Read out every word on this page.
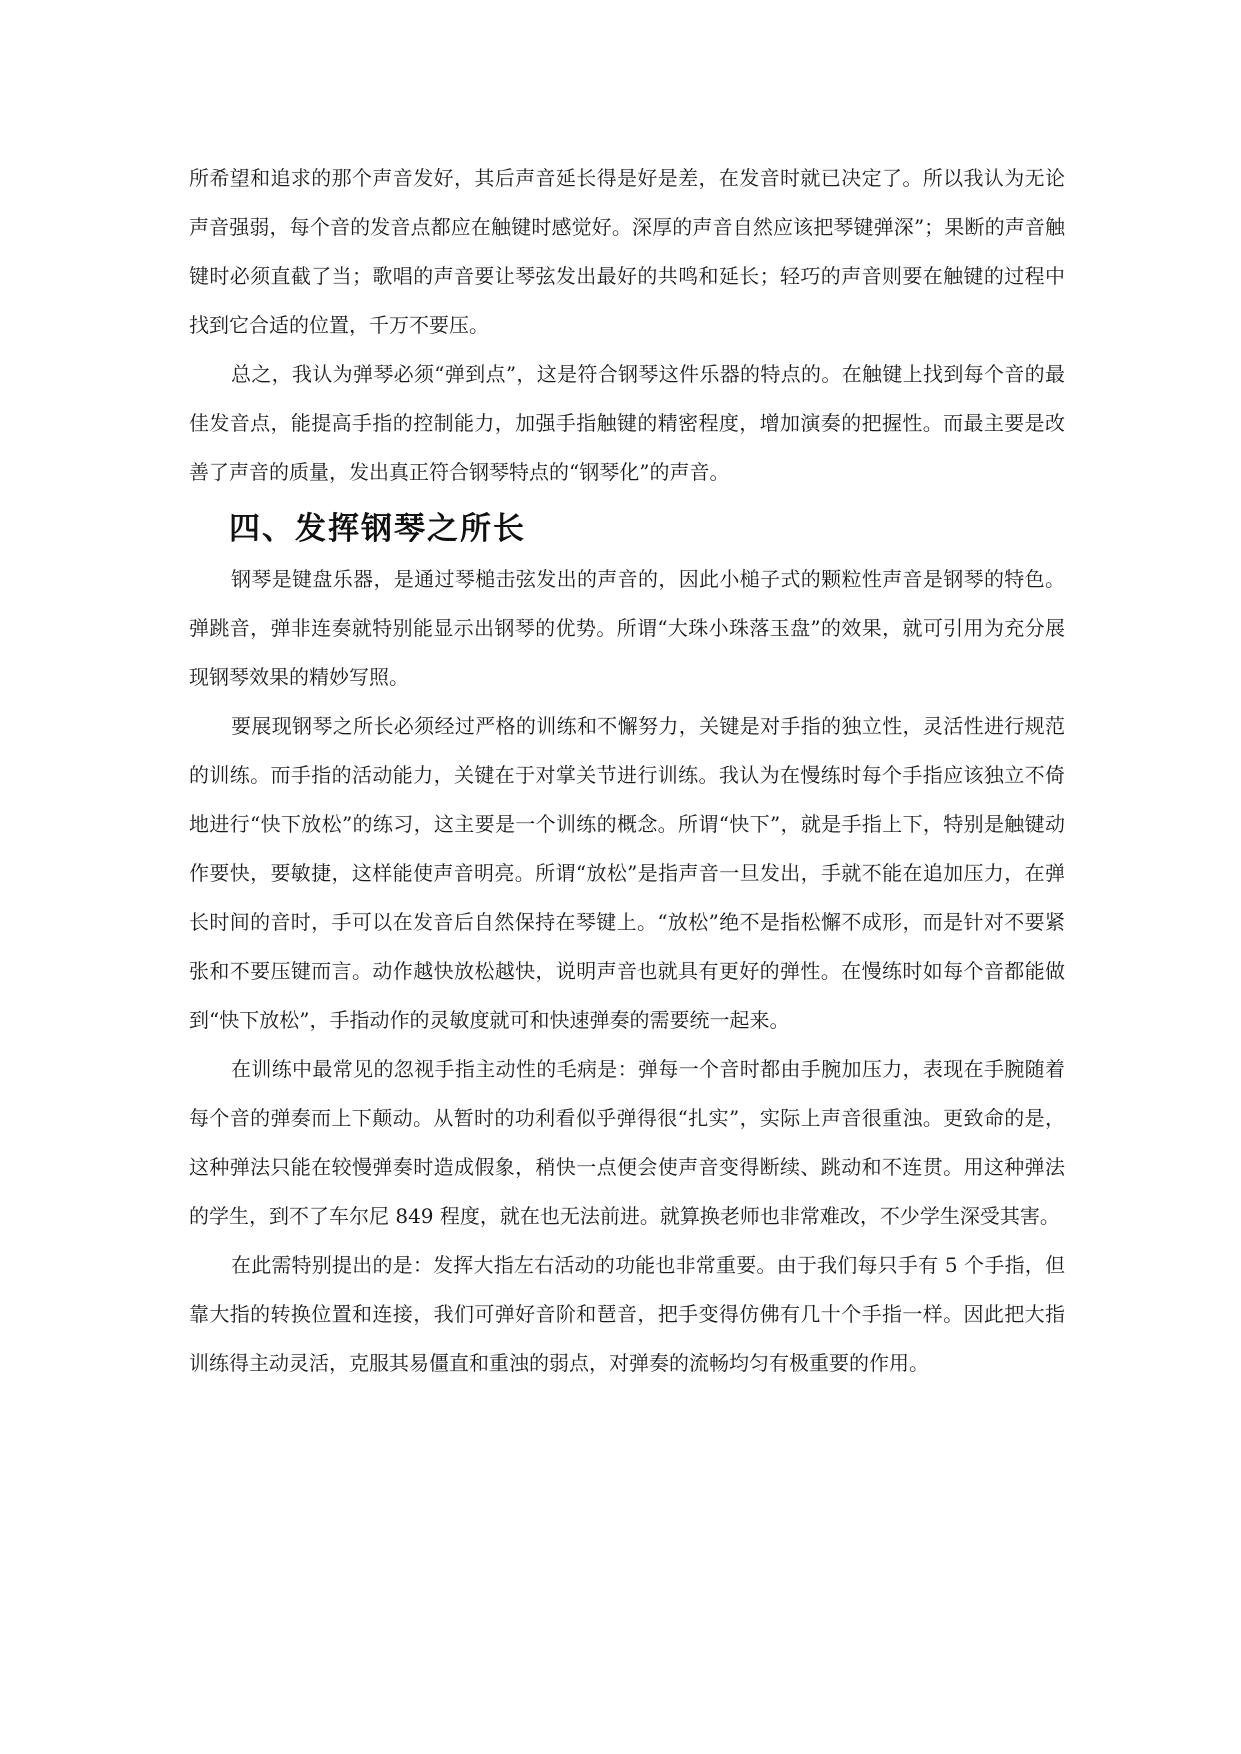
所希望和追求的那个声音发好，其后声音延长得是好是差，在发音时就已决定了。所以我认为无论声音强弱，每个音的发音点都应在触键时感觉好。深厚的声音自然应该把琴键弹深”；果断的声音触键时必须直截了当；歌唱的声音要让琴弦发出最好的共鸣和延长；轻巧的声音则要在触键的过程中找到它合适的位置，千万不要压。

总之，我认为弹琴必须“弹到点”，这是符合钢琴这件乐器的特点的。在触键上找到每个音的最佳发音点，能提高手指的控制能力，加强手指触键的精密程度，增加演奏的把握性。而最主要是改善了声音的质量，发出真正符合钢琴特点的“钢琴化”的声音。

四、发挥钢琴之所长

钢琴是键盘乐器，是通过琴槌击弦发出的声音的，因此小槌子式的颗粒性声音是钢琴的特色。弹跳音，弹非连奏就特别能显示出钢琴的优势。所谓“大珠小珠落玉盘”的效果，就可引用为充分展现钢琴效果的精妙写照。

要展现钢琴之所长必须经过严格的训练和不懈努力，关键是对手指的独立性，灵活性进行规范的训练。而手指的活动能力，关键在于对掌关节进行训练。我认为在慢练时每个手指应该独立不倚地进行“快下放松”的练习，这主要是一个训练的概念。所谓“快下”，就是手指上下，特别是触键动作要快，要敏捷，这样能使声音明亮。所谓“放松”是指声音一旦发出，手就不能在追加压力，在弹长时间的音时，手可以在发音后自然保持在琴键上。“放松”绝不是指松懈不成形，而是针对不要紧张和不要压键而言。动作越快放松越快，说明声音也就具有更好的弹性。在慢练时如每个音都能做到“快下放松”，手指动作的灵敏度就可和快速弹奏的需要统一起来。

在训练中最常见的忽视手指主动性的毛病是：弹每一个音时都由手腕加压力，表现在手腕随着每个音的弹奏而上下颠动。从暂时的功利看似乎弹得很“扎实”，实际上声音很重浊。更致命的是，这种弹法只能在较慢弹奏时造成假象，稍快一点便会使声音变得断续、跳动和不连贯。用这种弹法的学生，到不了车尔尼 849 程度，就在也无法前进。就算换老师也非常难改，不少学生深受其害。

在此需特别提出的是：发挥大指左右活动的功能也非常重要。由于我们每只手有 5 个手指，但靠大指的转换位置和连接，我们可弹好音阶和琶音，把手变得仿佛有几十个手指一样。因此把大指训练得主动灵活，克服其易僵直和重浊的弱点，对弹奏的流畅均匀有极重要的作用。
